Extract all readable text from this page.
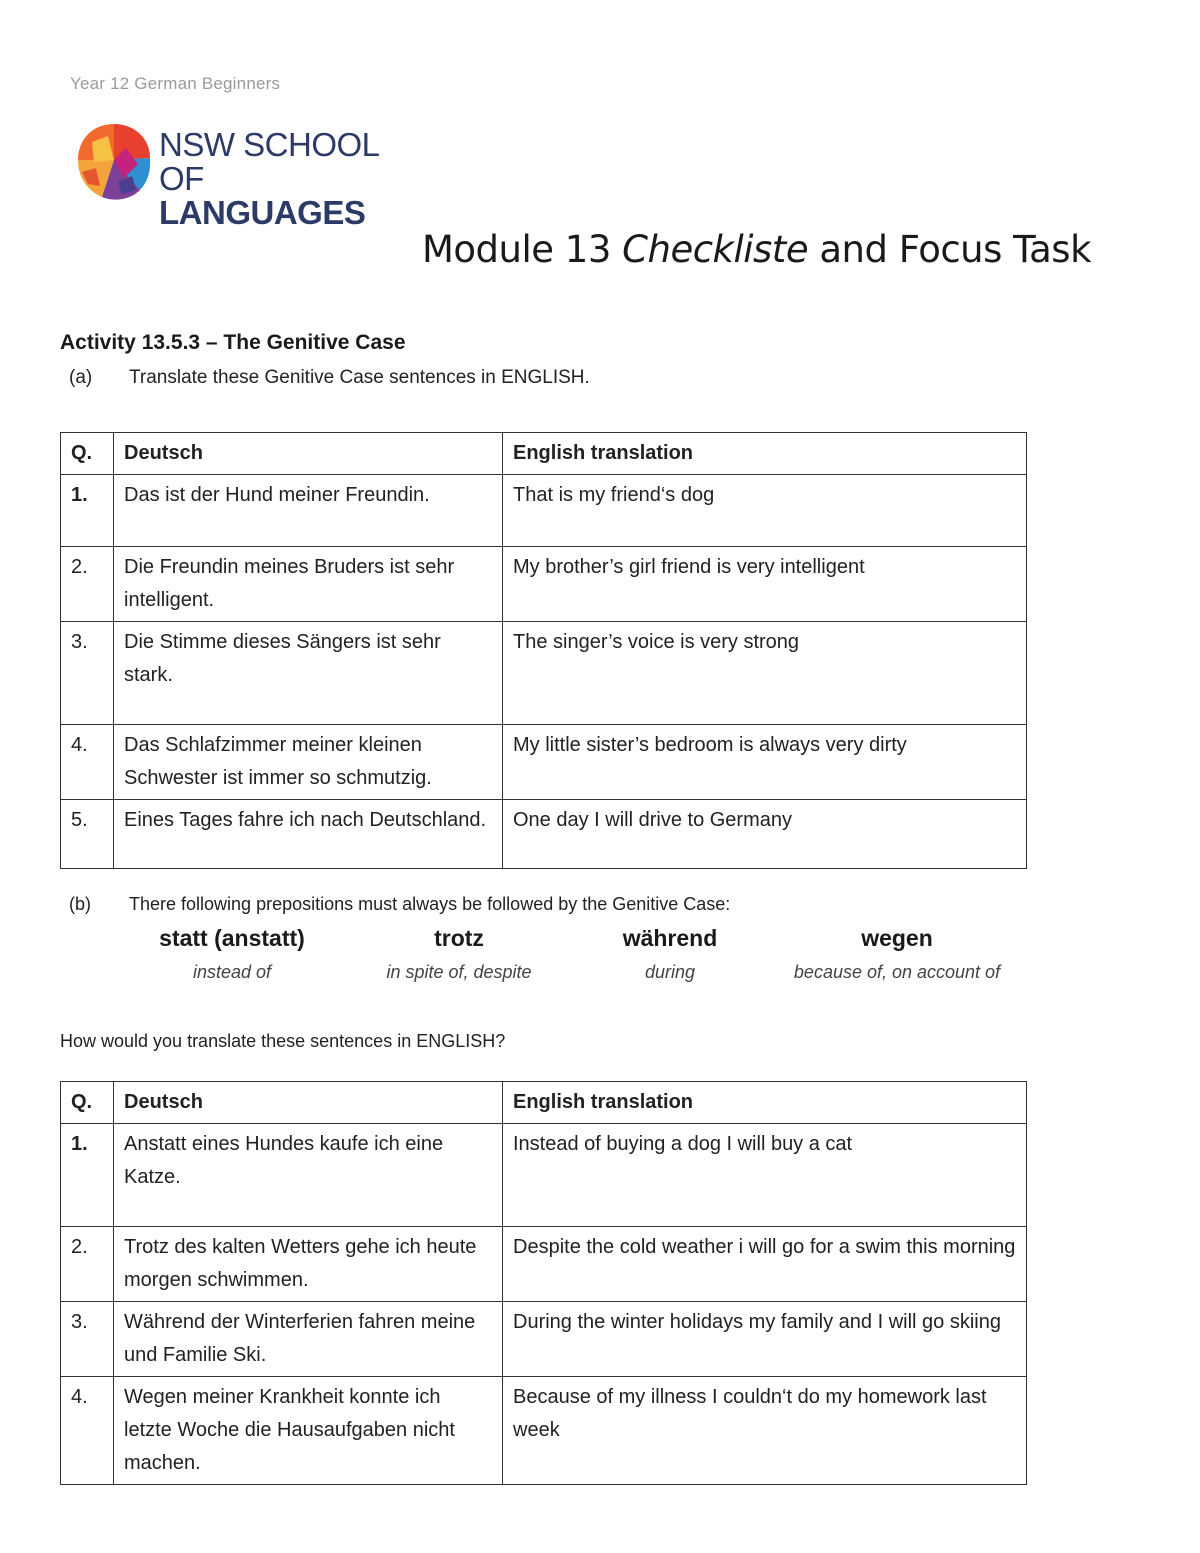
Year 12 German Beginners
NSW SCHOOL
OF LANGUAGES
Module 13 Checkliste and Focus Task
Activity 13.5.3 – The Genitive Case
(a) Translate these Genitive Case sentences in ENGLISH.
Q.	Deutsch	English translation
1.	Das ist der Hund meiner Freundin.	That is my friend‘s dog
2.	Die Freundin meines Bruders ist sehr intelligent.	My brother’s girl friend is very intelligent
3.	Die Stimme dieses Sängers ist sehr stark.	The singer’s voice is very strong
4.	Das Schlafzimmer meiner kleinen Schwester ist immer so schmutzig.	My little sister’s bedroom is always very dirty
5.	Eines Tages fahre ich nach Deutschland.	One day I will drive to Germany
(b) There following prepositions must always be followed by the Genitive Case:
statt (anstatt)
instead of
trotz
in spite of, despite
während
during
wegen
because of, on account of
How would you translate these sentences in ENGLISH?
Q.	Deutsch	English translation
1.	Anstatt eines Hundes kaufe ich eine Katze.	Instead of buying a dog I will buy a cat
2.	Trotz des kalten Wetters gehe ich heute morgen schwimmen.	Despite the cold weather i will go for a swim this morning
3.	Während der Winterferien fahren meine und Familie Ski.	During the winter holidays my family and I will go skiing
4.	Wegen meiner Krankheit konnte ich letzte Woche die Hausaufgaben nicht machen.	Because of my illness I couldn‘t do my homework last week
